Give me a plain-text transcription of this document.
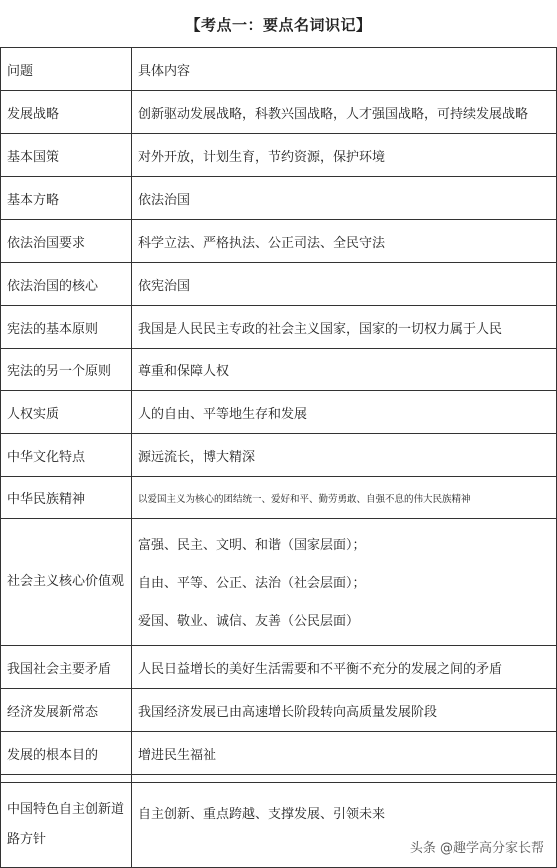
【考点一：要点名词识记】
问题	具体内容
发展战略	创新驱动发展战略，科教兴国战略，人才强国战略，可持续发展战略
基本国策	对外开放，计划生育，节约资源，保护环境
基本方略	依法治国
依法治国要求	科学立法、严格执法、公正司法、全民守法
依法治国的核心	依宪治国
宪法的基本原则	我国是人民民主专政的社会主义国家，国家的一切权力属于人民
宪法的另一个原则	尊重和保障人权
人权实质	人的自由、平等地生存和发展
中华文化特点	源远流长，博大精深
中华民族精神	以爱国主义为核心的团结统一、爱好和平、勤劳勇敢、自强不息的伟大民族精神
社会主义核心价值观	富强、民主、文明、和谐（国家层面）；
自由、平等、公正、法治（社会层面）；
爱国、敬业、诚信、友善（公民层面）

我国社会主要矛盾	人民日益增长的美好生活需要和不平衡不充分的发展之间的矛盾
经济发展新常态	我国经济发展已由高速增长阶段转向高质量发展阶段
发展的根本目的	增进民生福祉

中国特色自主创新道路方针	自主创新、重点跨越、支撑发展、引领未来
头条 @趣学高分家长帮
